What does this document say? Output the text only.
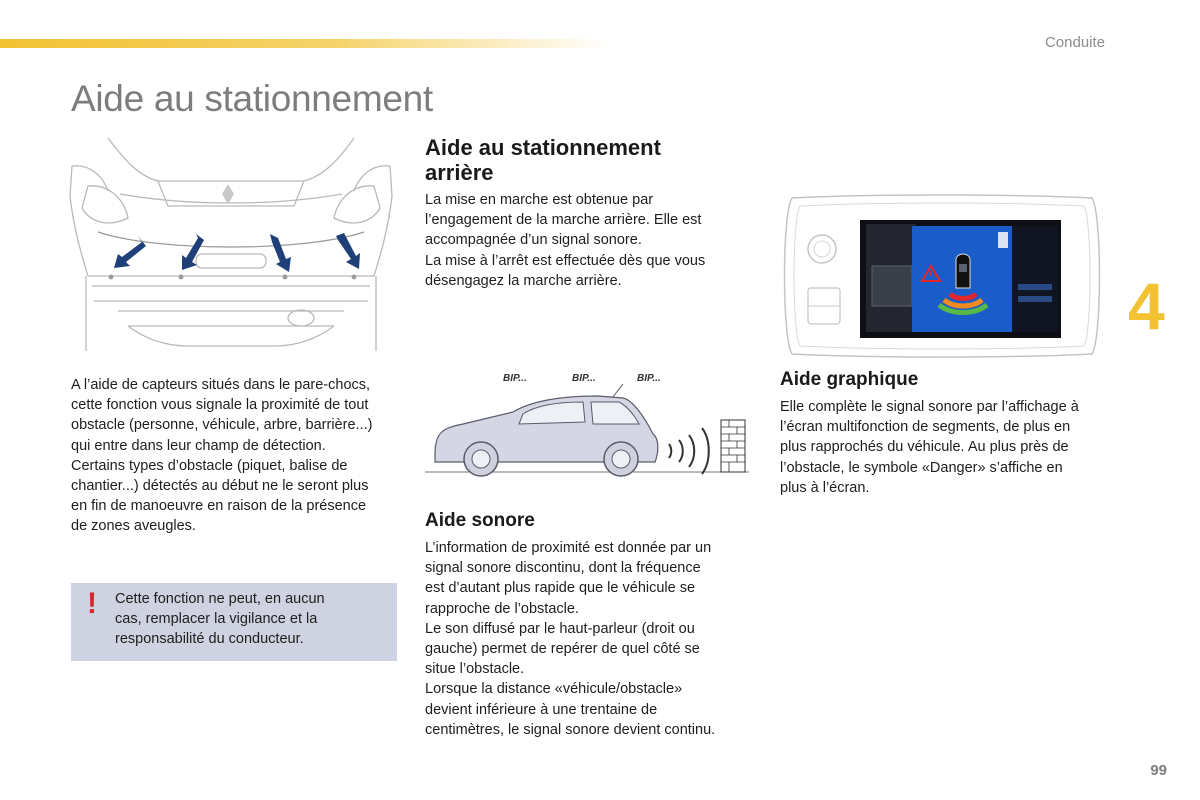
Conduite
Aide au stationnement
A l’aide de capteurs situés dans le pare-chocs,
cette fonction vous signale la proximité de tout
obstacle (personne, véhicule, arbre, barrière...)
qui entre dans leur champ de détection.
Certains types d’obstacle (piquet, balise de
chantier...) détectés au début ne le seront plus
en fin de manoeuvre en raison de la présence
de zones aveugles.
! Cette fonction ne peut, en aucun
cas, remplacer la vigilance et la
responsabilité du conducteur.
Aide au stationnement
arrière
La mise en marche est obtenue par
l’engagement de la marche arrière. Elle est
accompagnée d’un signal sonore.
La mise à l’arrêt est effectuée dès que vous
désengagez la marche arrière.
BIP...	BIP...	BIP...
Aide sonore
L’information de proximité est donnée par un
signal sonore discontinu, dont la fréquence
est d’autant plus rapide que le véhicule se
rapproche de l’obstacle.
Le son diffusé par le haut-parleur (droit ou
gauche) permet de repérer de quel côté se
situe l’obstacle.
Lorsque la distance «véhicule/obstacle»
devient inférieure à une trentaine de
centimètres, le signal sonore devient continu.
Aide graphique
Elle complète le signal sonore par l’affichage à
l’écran multifonction de segments, de plus en
plus rapprochés du véhicule. Au plus près de
l’obstacle, le symbole «Danger» s’affiche en
plus à l’écran.
4
99
